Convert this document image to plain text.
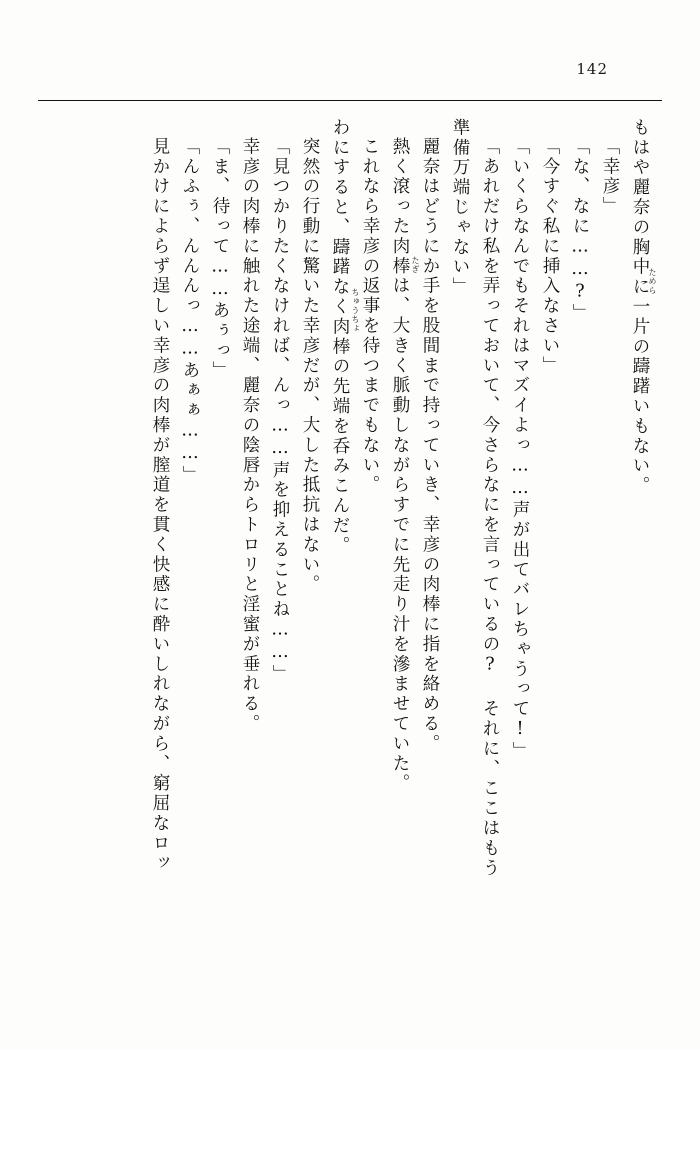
142
もはや麗奈の胸中に一片の躊躇いもない。
「幸彦」
「な、なに……?」
「今すぐ私に挿入なさい」
「いくらなんでもそれはマズイよっ……声が出てバレちゃうって!」
「あれだけ私を弄っておいて、今さらなにを言っているの? それに、ここはもう
準備万端じゃない」
麗奈はどうにか手を股間まで持っていき、幸彦の肉棒に指を絡める。
熱く滾った肉棒は、大きく脈動しながらすでに先走り汁を滲ませていた。 たぎ
これなら幸彦の返事を待つまでもない。
わにすると、躊躇なく肉棒の先端を呑みこんだ。 ちゅうちょ
突然の行動に驚いた幸彦だが、大した抵抗はない。
「見つかりたくなければ、んっ……声を抑えることね……」
幸彦の肉棒に触れた途端、麗奈の陰唇からトロリと淫蜜が垂れる。
「ま、待って……あぅっ」
「んふぅ、んんんっ……あぁぁ……」
見かけによらず逞しい幸彦の肉棒が膣道を貫く快感に酔いしれながら、窮屈なロッ	ためら
